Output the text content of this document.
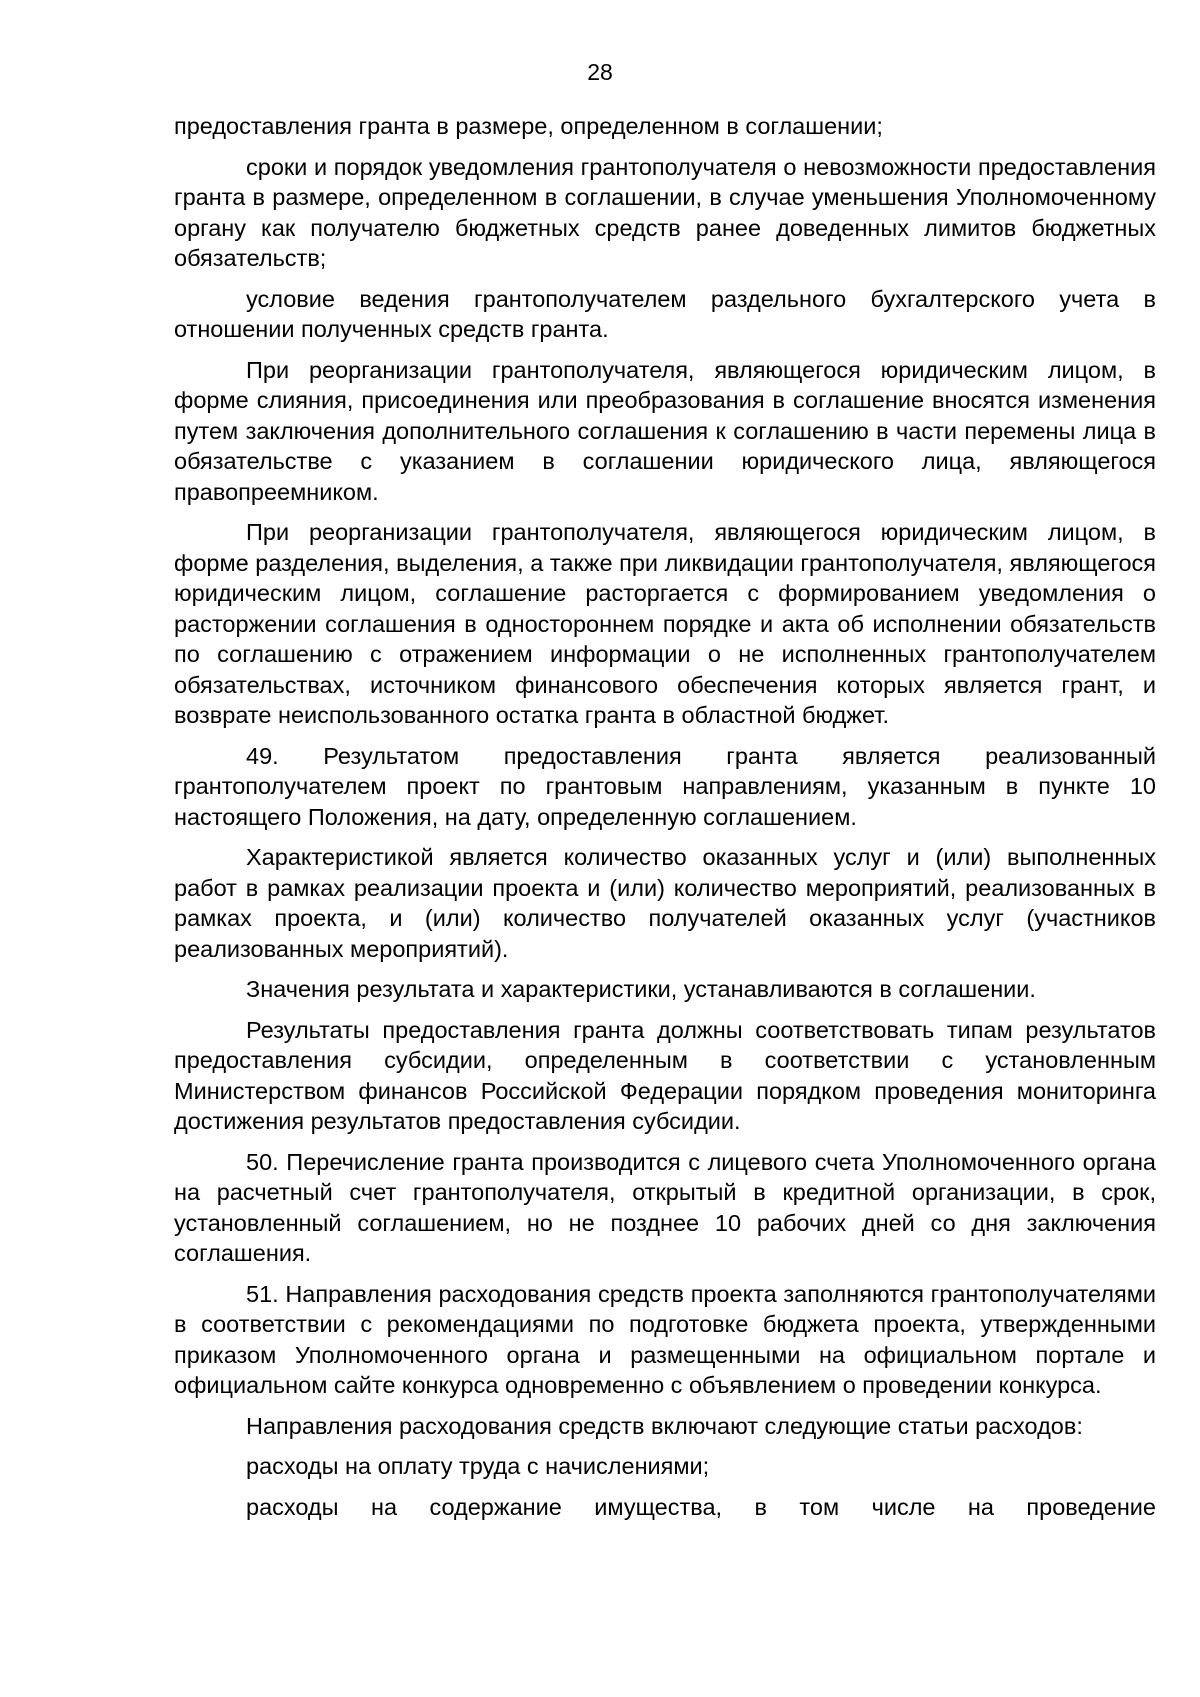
28

предоставления гранта в размере, определенном в соглашении;

сроки и порядок уведомления грантополучателя о невозможности предоставления гранта в размере, определенном в соглашении, в случае уменьшения Уполномоченному органу как получателю бюджетных средств ранее доведенных лимитов бюджетных обязательств;

условие ведения грантополучателем раздельного бухгалтерского учета в отношении полученных средств гранта.

При реорганизации грантополучателя, являющегося юридическим лицом, в форме слияния, присоединения или преобразования в соглашение вносятся изменения путем заключения дополнительного соглашения к соглашению в части перемены лица в обязательстве с указанием в соглашении юридического лица, являющегося правопреемником.

При реорганизации грантополучателя, являющегося юридическим лицом, в форме разделения, выделения, а также при ликвидации грантополучателя, являющегося юридическим лицом, соглашение расторгается с формированием уведомления о расторжении соглашения в одностороннем порядке и акта об исполнении обязательств по соглашению с отражением информации о не исполненных грантополучателем обязательствах, источником финансового обеспечения которых является грант, и возврате неиспользованного остатка гранта в областной бюджет.

49. Результатом предоставления гранта является реализованный грантополучателем проект по грантовым направлениям, указанным в пункте 10 настоящего Положения, на дату, определенную соглашением.

Характеристикой является количество оказанных услуг и (или) выполненных работ в рамках реализации проекта и (или) количество мероприятий, реализованных в рамках проекта, и (или) количество получателей оказанных услуг (участников реализованных мероприятий).

Значения результата и характеристики, устанавливаются в соглашении.

Результаты предоставления гранта должны соответствовать типам результатов предоставления субсидии, определенным в соответствии с установленным Министерством финансов Российской Федерации порядком проведения мониторинга достижения результатов предоставления субсидии.

50. Перечисление гранта производится с лицевого счета Уполномоченного органа на расчетный счет грантополучателя, открытый в кредитной организации, в срок, установленный соглашением, но не позднее 10 рабочих дней со дня заключения соглашения.

51. Направления расходования средств проекта заполняются грантополучателями в соответствии с рекомендациями по подготовке бюджета проекта, утвержденными приказом Уполномоченного органа и размещенными на официальном портале и официальном сайте конкурса одновременно с объявлением о проведении конкурса.

Направления расходования средств включают следующие статьи расходов:

расходы на оплату труда с начислениями;

расходы на содержание имущества, в том числе на проведение
